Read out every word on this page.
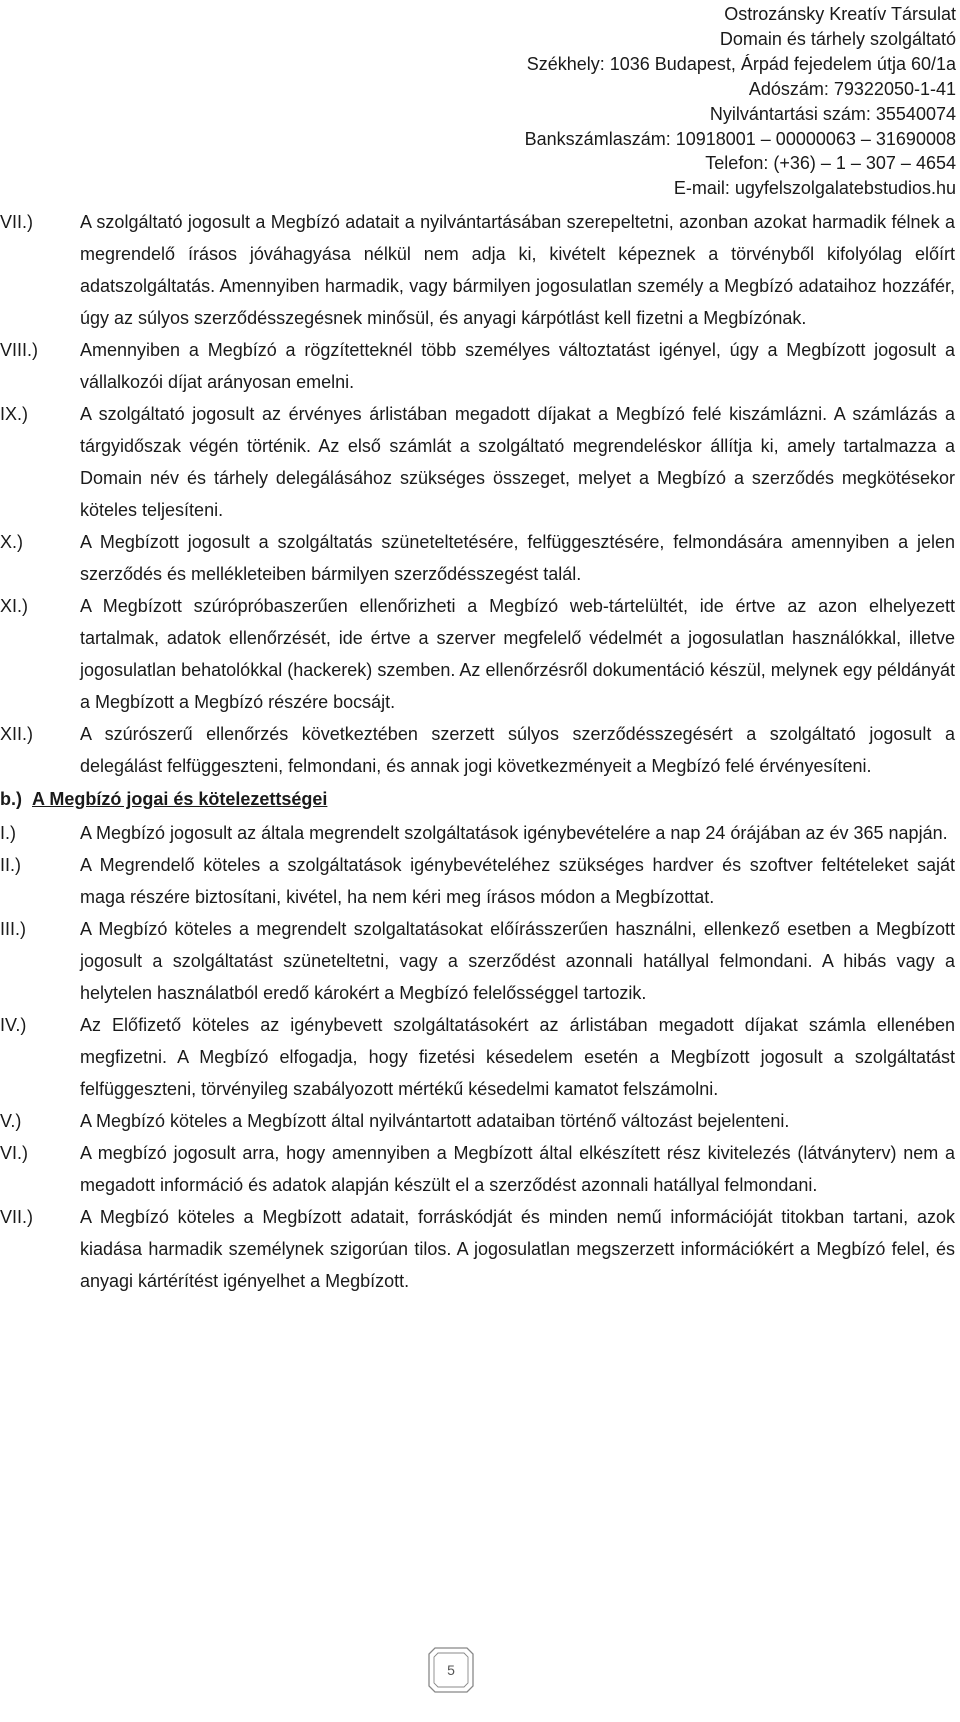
Ostrozánsky Kreatív Társulat
Domain és tárhely szolgáltató
Székhely: 1036 Budapest, Árpád fejedelem útja 60/1a
Adószám: 79322050-1-41
Nyilvántartási szám: 35540074
Bankszámlaszám: 10918001 – 00000063 – 31690008
Telefon: (+36) – 1 – 307 – 4654
E-mail: ugyfelszolgalatebstudios.hu
VII.)	A szolgáltató jogosult a Megbízó adatait a nyilvántartásában szerepeltetni, azonban azokat harmadik félnek a megrendelő írásos jóváhagyása nélkül nem adja ki, kivételt képeznek a törvényből kifolyólag előírt adatszolgáltatás. Amennyiben harmadik, vagy bármilyen jogosulatlan személy a Megbízó adataihoz hozzáfér, úgy az súlyos szerződésszegésnek minősül, és anyagi kárpótlást kell fizetni a Megbízónak.
VIII.) Amennyiben a Megbízó a rögzítetteknél több személyes változtatást igényel, úgy a Megbízott jogosult a vállalkozói díjat arányosan emelni.
IX.)	A szolgáltató jogosult az érvényes árlistában megadott díjakat a Megbízó felé kiszámlázni. A számlázás a tárgyidőszak végén történik. Az első számlát a szolgáltató megrendeléskor állítja ki, amely tartalmazza a Domain név és tárhely delegálásához szükséges összeget, melyet a Megbízó a szerződés megkötésekor köteles teljesíteni.
X.)	A Megbízott jogosult a szolgáltatás szüneteltetésére, felfüggesztésére, felmondására amennyiben a jelen szerződés és mellékleteiben bármilyen szerződésszegést talál.
XI.)	A Megbízott szúrópróbaszerűen ellenőrizheti a Megbízó web-tártelültét, ide értve az azon elhelyezett tartalmak, adatok ellenőrzését, ide értve a szerver megfelelő védelmét a jogosulatlan használókkal, illetve jogosulatlan behatolókkal (hackerek) szemben. Az ellenőrzésről dokumentáció készül, melynek egy példányát a Megbízott a Megbízó részére bocsájt.
XII.)	A szúrószerű ellenőrzés következtében szerzett súlyos szerződésszegésért a szolgáltató jogosult a delegálást felfüggeszteni, felmondani, és annak jogi következményeit a Megbízó felé érvényesíteni.
b.) A Megbízó jogai és kötelezettségei
I.)	A Megbízó jogosult az általa megrendelt szolgáltatások igénybevételére a nap 24 órájában az év 365 napján.
II.)	A Megrendelő köteles a szolgáltatások igénybevételéhez szükséges hardver és szoftver feltételeket saját maga részére biztosítani, kivétel, ha nem kéri meg írásos módon a Megbízottat.
III.)	A Megbízó köteles a megrendelt szolgaltatásokat előírásszerűen használni, ellenkező esetben a Megbízott jogosult a szolgáltatást szüneteltetni, vagy a szerződést azonnali hatállyal felmondani. A hibás vagy a helytelen használatból eredő károkért a Megbízó felelősséggel tartozik.
IV.)	Az Előfizető köteles az igénybevett szolgáltatásokért az árlistában megadott díjakat számla ellenében megfizetni. A Megbízó elfogadja, hogy fizetési késedelem esetén a Megbízott jogosult a szolgáltatást felfüggeszteni, törvényileg szabályozott mértékű késedelmi kamatot felszámolni.
V.)	A Megbízó köteles a Megbízott által nyilvántartott adataiban történő változást bejelenteni.
VI.)	A megbízó jogosult arra, hogy amennyiben a Megbízott által elkészített rész kivitelezés (látványterv) nem a megadott információ és adatok alapján készült el a szerződést azonnali hatállyal felmondani.
VII.)	A Megbízó köteles a Megbízott adatait, forráskódját és minden nemű információját titokban tartani, azok kiadása harmadik személynek szigorúan tilos. A jogosulatlan megszerzett információkért a Megbízó felel, és anyagi kártérítést igényelhet a Megbízott.
5
